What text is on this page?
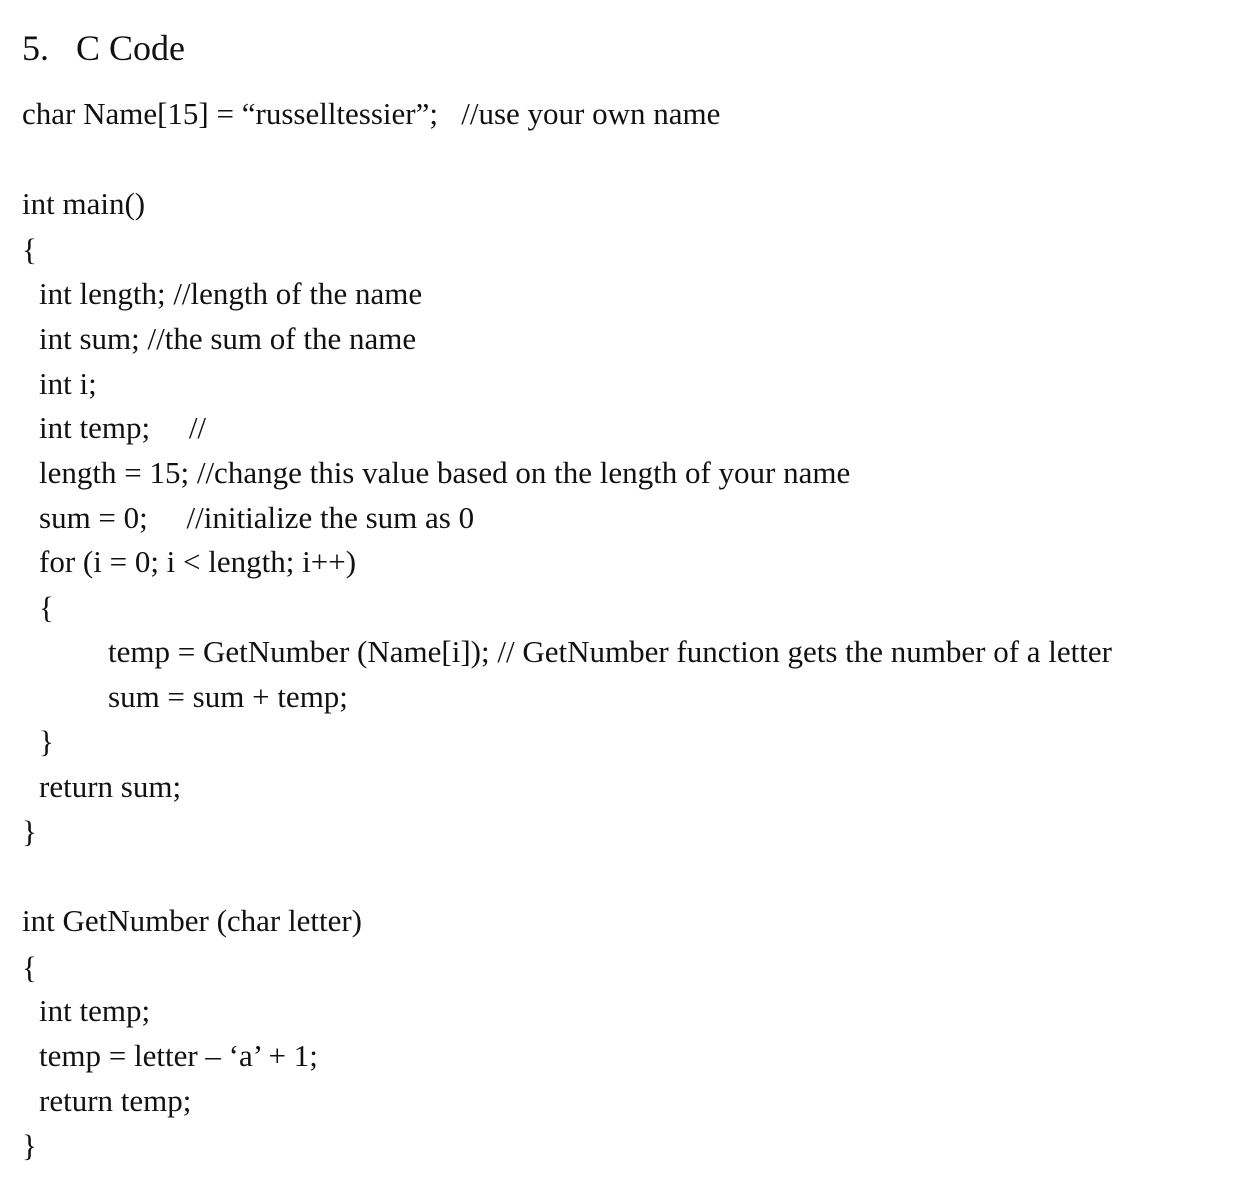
5. C Code
char Name[15] = “russelltessier”;   //use your own name
int main()
{
int length; //length of the name
int sum; //the sum of the name
int i;
int temp;     //
length = 15; //change this value based on the length of your name
sum = 0;     //initialize the sum as 0
for (i = 0; i < length; i++)
{
temp = GetNumber (Name[i]); // GetNumber function gets the number of a letter
sum = sum + temp;
}
return sum;
}
int GetNumber (char letter)
{
int temp;
temp = letter – ‘a’ + 1;
return temp;
}
